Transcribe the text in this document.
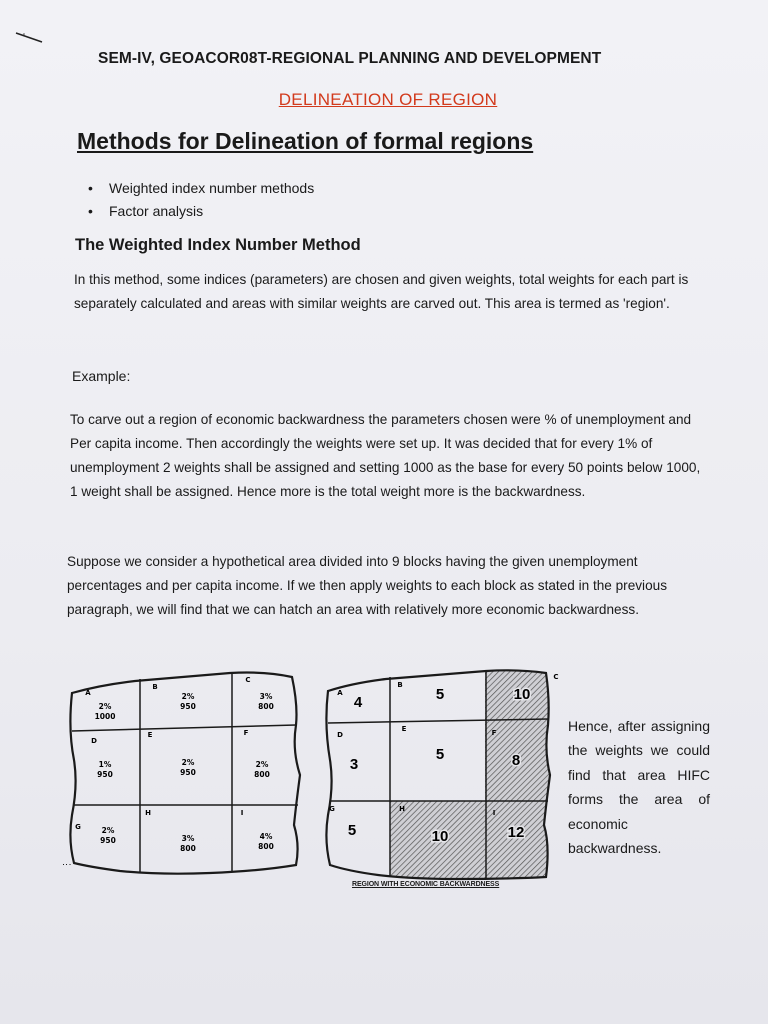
SEM-IV, GEOACOR08T-REGIONAL PLANNING AND DEVELOPMENT
DELINEATION OF REGION
Methods for Delineation of formal regions
• Weighted index number methods
• Factor analysis
The Weighted Index Number Method
In this method, some indices (parameters) are chosen and given weights, total weights for each part is separately calculated and areas with similar weights are carved out. This area is termed as 'region'.
Example:
To carve out a region of economic backwardness the parameters chosen were % of unemployment and Per capita income. Then accordingly the weights were set up. It was decided that for every 1% of unemployment 2 weights shall be assigned and setting 1000 as the base for every 50 points below 1000, 1 weight shall be assigned. Hence more is the total weight more is the backwardness.
Suppose we consider a hypothetical area divided into 9 blocks having the given unemployment percentages and per capita income. If we then apply weights to each block as stated in the previous paragraph, we will find that we can hatch an area with relatively more economic backwardness.
A
2%
1000
B
2%
950
C
3%
800
D
1%
950
E
2%
950
F
2%
800
G	2%
950
H
3%
800
I
4%
800
A
4
B
5
C
10
D
3
E
5
F
8
G
5
H
10
I
12
REGION WITH ECONOMIC BACKWARDNESS
⋮
Hence, after assigning the weights we could find that area HIFC forms the area of economic backwardness.
